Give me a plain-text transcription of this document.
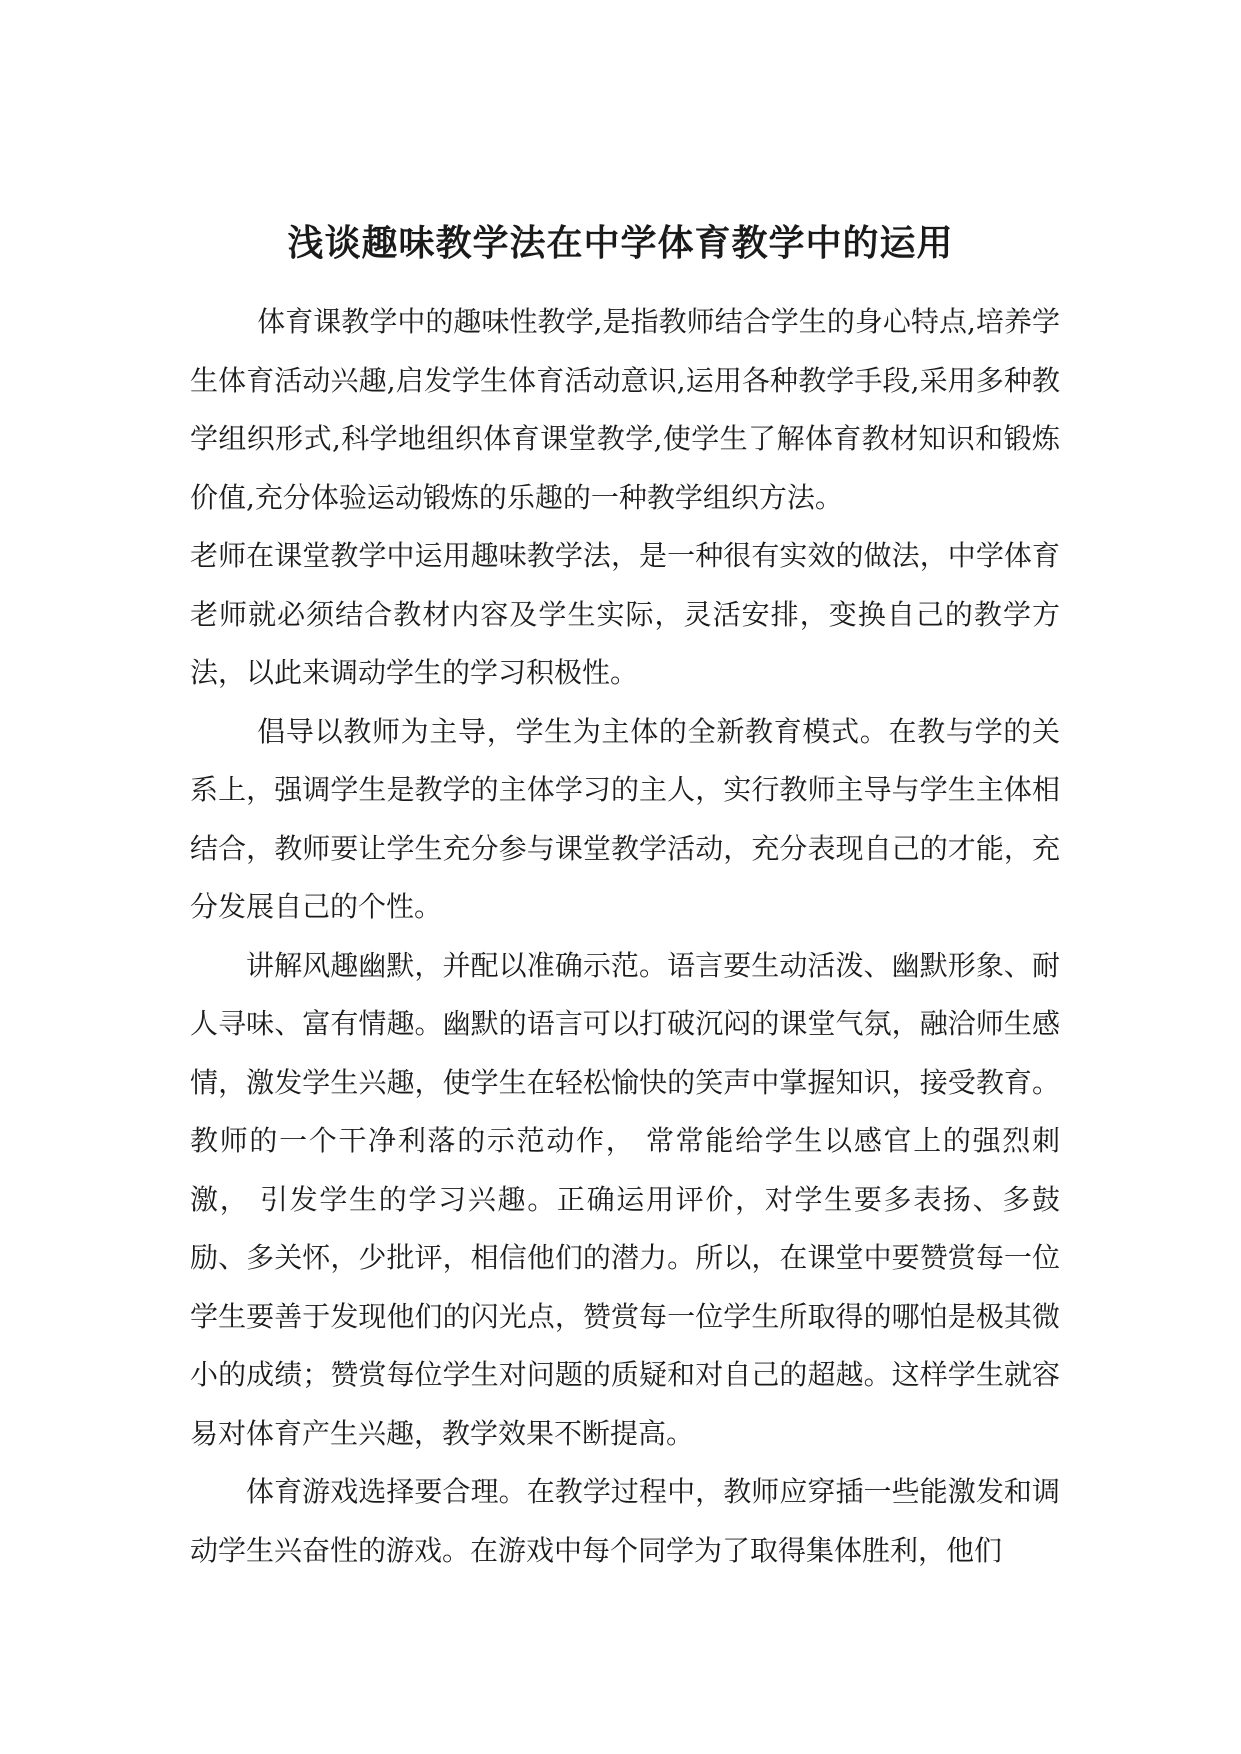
浅谈趣味教学法在中学体育教学中的运用

体育课教学中的趣味性教学,是指教师结合学生的身心特点,培养学生体育活动兴趣,启发学生体育活动意识,运用各种教学手段,采用多种教学组织形式,科学地组织体育课堂教学,使学生了解体育教材知识和锻炼价值,充分体验运动锻炼的乐趣的一种教学组织方法。

老师在课堂教学中运用趣味教学法，是一种很有实效的做法，中学体育老师就必须结合教材内容及学生实际，灵活安排，变换自己的教学方法，以此来调动学生的学习积极性。

倡导以教师为主导，学生为主体的全新教育模式。在教与学的关系上，强调学生是教学的主体学习的主人，实行教师主导与学生主体相结合，教师要让学生充分参与课堂教学活动，充分表现自己的才能，充分发展自己的个性。

讲解风趣幽默，并配以准确示范。语言要生动活泼、幽默形象、耐人寻味、富有情趣。幽默的语言可以打破沉闷的课堂气氛，融洽师生感情，激发学生兴趣，使学生在轻松愉快的笑声中掌握知识，接受教育。教师的一个干净利落的示范动作， 常常能给学生以感官上的强烈刺激， 引发学生的学习兴趣。正确运用评价，对学生要多表扬、多鼓励、多关怀，少批评，相信他们的潜力。所以，在课堂中要赞赏每一位学生要善于发现他们的闪光点，赞赏每一位学生所取得的哪怕是极其微小的成绩；赞赏每位学生对问题的质疑和对自己的超越。这样学生就容易对体育产生兴趣，教学效果不断提高。

体育游戏选择要合理。在教学过程中，教师应穿插一些能激发和调动学生兴奋性的游戏。在游戏中每个同学为了取得集体胜利，他们
